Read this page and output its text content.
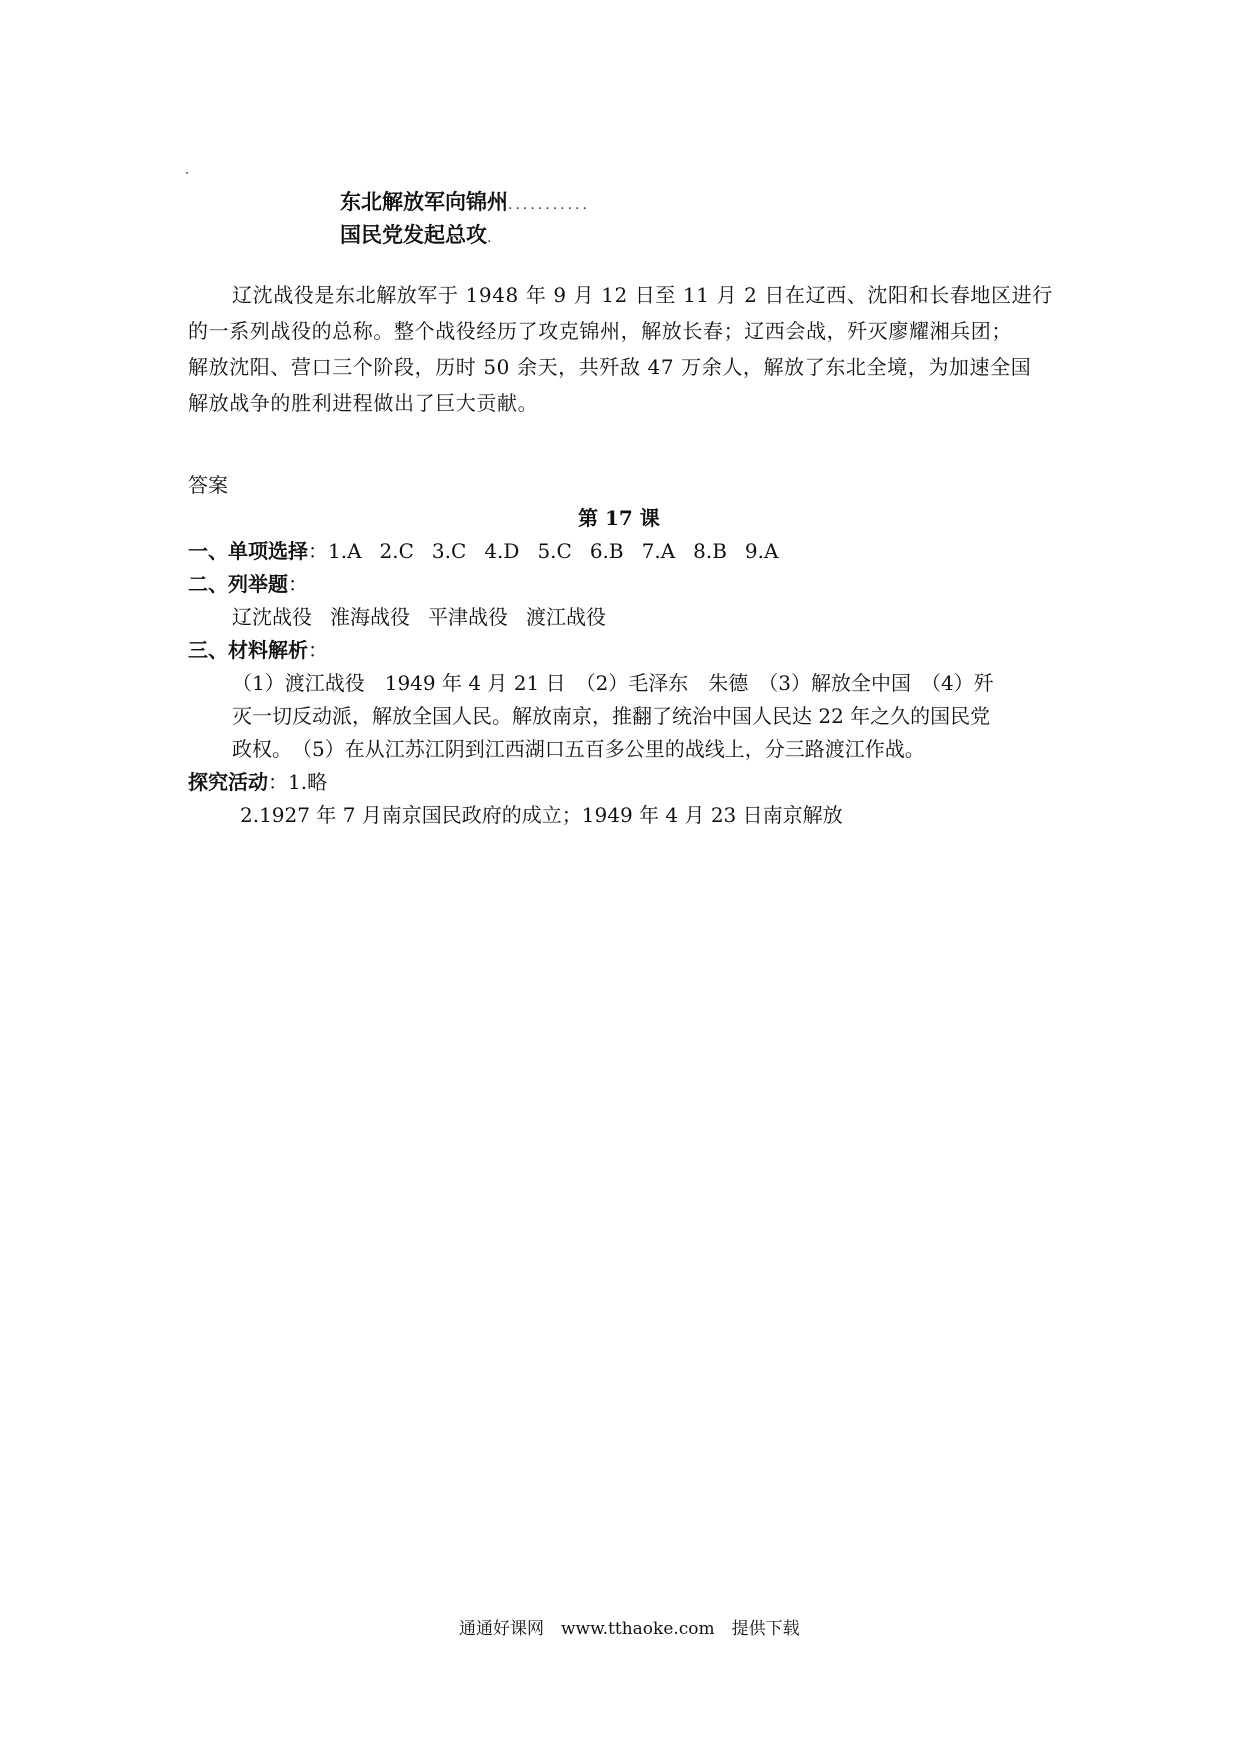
东北解放军向锦州...........
国民党发起总攻.
辽沈战役是东北解放军于 1948 年 9 月 12 日至 11 月 2 日在辽西、沈阳和长春地区进行
的一系列战役的总称。整个战役经历了攻克锦州，解放长春；辽西会战，歼灭廖耀湘兵团；
解放沈阳、营口三个阶段，历时 50 余天，共歼敌 47 万余人，解放了东北全境，为加速全国
解放战争的胜利进程做出了巨大贡献。
答案
第 17 课
一、单项选择：1.A 2.C 3.C 4.D 5.C 6.B 7.A 8.B 9.A
二、列举题：
辽沈战役 淮海战役 平津战役 渡江战役
三、材料解析：
（1）渡江战役　1949 年 4 月 21 日　（2）毛泽东　朱德　（3）解放全中国　（4）歼
灭一切反动派，解放全国人民。解放南京，推翻了统治中国人民达 22 年之久的国民党
政权。　（5）在从江苏江阴到江西湖口五百多公里的战线上，分三路渡江作战。
探究活动：1.略
2.1927 年 7 月南京国民政府的成立；1949 年 4 月 23 日南京解放
通通好课网　www.tthaoke.com　提供下载
